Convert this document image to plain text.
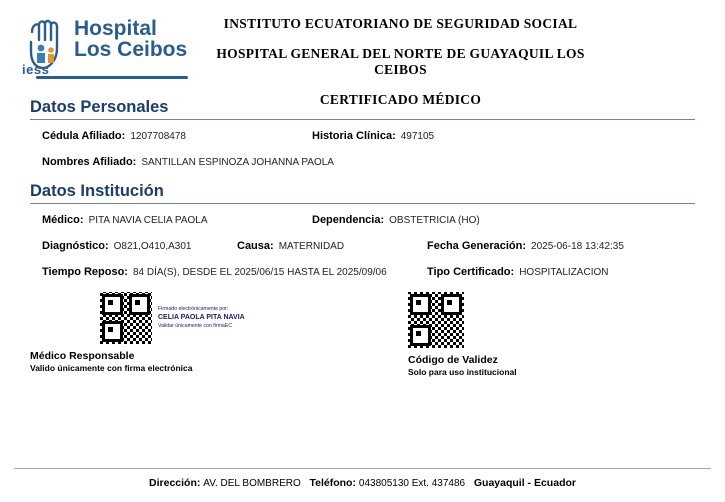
Hospital
Los Ceibos
iess
INSTITUTO ECUATORIANO DE SEGURIDAD SOCIAL
HOSPITAL GENERAL DEL NORTE DE GUAYAQUIL LOS CEIBOS
CERTIFICADO MÉDICO
Datos Personales
Cédula Afiliado: 1207708478	Historia Clínica: 497105
Nombres Afiliado: SANTILLAN ESPINOZA JOHANNA PAOLA
Datos Institución
Médico: PITA NAVIA CELIA PAOLA	Dependencia: OBSTETRICIA (HO)
Diagnóstico: O821,O410,A301	Causa: MATERNIDAD	Fecha Generación: 2025-06-18 13:42:35
Tiempo Reposo: 84 DÍA(S), DESDE EL 2025/06/15 HASTA EL 2025/09/06	Tipo Certificado: HOSPITALIZACION
Firmado electrónicamente por:
CELIA PAOLA PITA NAVIA
Validar únicamente con firmaEC
Médico Responsable
Valido únicamente con firma electrónica
Código de Validez
Solo para uso institucional
Dirección: AV. DEL BOMBRERO Teléfono: 043805130 Ext. 437486 Guayaquil - Ecuador
